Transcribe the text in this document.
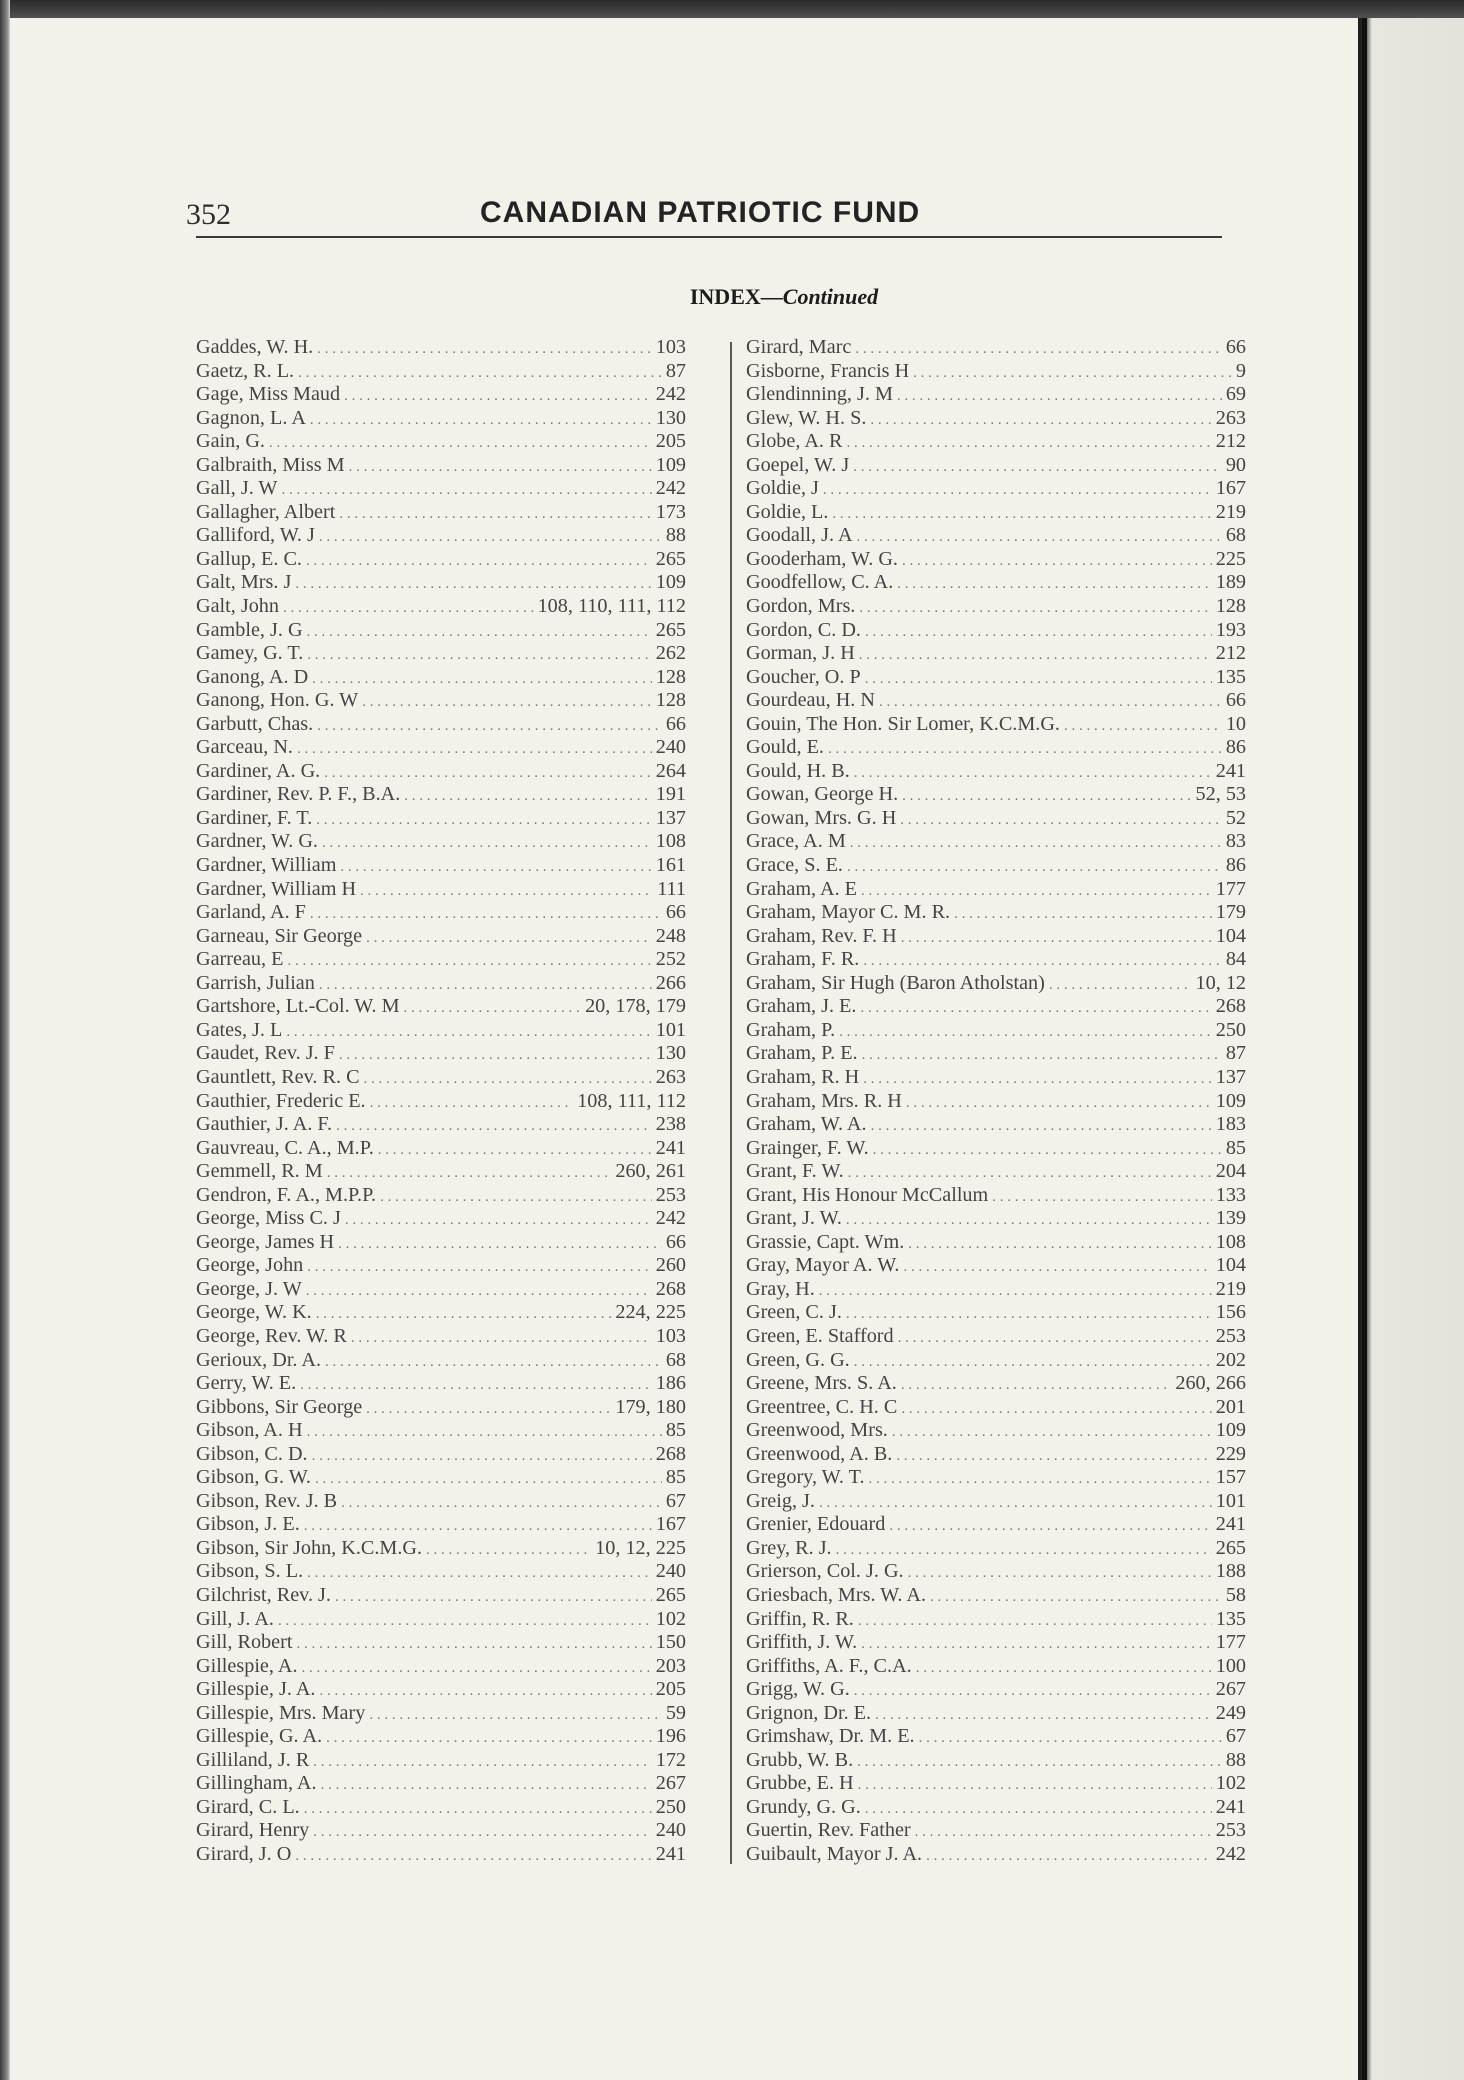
352	CANADIAN PATRIOTIC FUND
INDEX—Continued
Gaddes, W. H. . . .	103
Gaetz, R. L. . . .	87
Gage, Miss Maud . . .	242
Gagnon, L. A . . .	130
Gain, G. . . .	205
Galbraith, Miss M . . .	109
Gall, J. W . . .	242
Gallagher, Albert . . .	173
Galliford, W. J . . .	88
Gallup, E. C. . . .	265
Galt, Mrs. J . . .	109
Galt, John . . .	108, 110, 111, 112
Gamble, J. G . . .	265
Gamey, G. T. . . .	262
Ganong, A. D . . .	128
Ganong, Hon. G. W . . .	128
Garbutt, Chas. . . .	66
Garceau, N. . . .	240
Gardiner, A. G. . . .	264
Gardiner, Rev. P. F., B.A. . . .	191
Gardiner, F. T. . . .	137
Gardner, W. G. . . .	108
Gardner, William . . .	161
Gardner, William H . . .	111
Garland, A. F . . .	66
Garneau, Sir George . . .	248
Garreau, E . . .	252
Garrish, Julian . . .	266
Gartshore, Lt.-Col. W. M . . .	20, 178, 179
Gates, J. L . . .	101
Gaudet, Rev. J. F . . .	130
Gauntlett, Rev. R. C . . .	263
Gauthier, Frederic E. . . .	108, 111, 112
Gauthier, J. A. F. . . .	238
Gauvreau, C. A., M.P. . . .	241
Gemmell, R. M . . .	260, 261
Gendron, F. A., M.P.P. . . .	253
George, Miss C. J . . .	242
George, James H . . .	66
George, John . . .	260
George, J. W . . .	268
George, W. K. . . .	224, 225
George, Rev. W. R . . .	103
Gerioux, Dr. A. . . .	68
Gerry, W. E. . . .	186
Gibbons, Sir George . . .	179, 180
Gibson, A. H . . .	85
Gibson, C. D. . . .	268
Gibson, G. W. . . .	85
Gibson, Rev. J. B . . .	67
Gibson, J. E. . . .	167
Gibson, Sir John, K.C.M.G. . . .	10, 12, 225
Gibson, S. L. . . .	240
Gilchrist, Rev. J. . . .	265
Gill, J. A. . . .	102
Gill, Robert . . .	150
Gillespie, A. . . .	203
Gillespie, J. A. . . .	205
Gillespie, Mrs. Mary . . .	59
Gillespie, G. A. . . .	196
Gilliland, J. R . . .	172
Gillingham, A. . . .	267
Girard, C. L. . . .	250
Girard, Henry . . .	240
Girard, J. O . . .	241
Girard, Marc . . .	66
Gisborne, Francis H . . .	9
Glendinning, J. M . . .	69
Glew, W. H. S. . . .	263
Globe, A. R . . .	212
Goepel, W. J . . .	90
Goldie, J . . .	167
Goldie, L. . . .	219
Goodall, J. A . . .	68
Gooderham, W. G. . . .	225
Goodfellow, C. A. . . .	189
Gordon, Mrs. . . .	128
Gordon, C. D. . . .	193
Gorman, J. H . . .	212
Goucher, O. P . . .	135
Gourdeau, H. N . . .	66
Gouin, The Hon. Sir Lomer, K.C.M.G. . . .	10
Gould, E. . . .	86
Gould, H. B. . . .	241
Gowan, George H. . . .	52, 53
Gowan, Mrs. G. H . . .	52
Grace, A. M . . .	83
Grace, S. E. . . .	86
Graham, A. E . . .	177
Graham, Mayor C. M. R. . . .	179
Graham, Rev. F. H . . .	104
Graham, F. R. . . .	84
Graham, Sir Hugh (Baron Atholstan) . . .	10, 12
Graham, J. E. . . .	268
Graham, P. . . .	250
Graham, P. E. . . .	87
Graham, R. H . . .	137
Graham, Mrs. R. H . . .	109
Graham, W. A. . . .	183
Grainger, F. W. . . .	85
Grant, F. W. . . .	204
Grant, His Honour McCallum . . .	133
Grant, J. W. . . .	139
Grassie, Capt. Wm. . . .	108
Gray, Mayor A. W. . . .	104
Gray, H. . . .	219
Green, C. J. . . .	156
Green, E. Stafford . . .	253
Green, G. G. . . .	202
Greene, Mrs. S. A. . . .	260, 266
Greentree, C. H. C . . .	201
Greenwood, Mrs. . . .	109
Greenwood, A. B. . . .	229
Gregory, W. T. . . .	157
Greig, J. . . .	101
Grenier, Edouard . . .	241
Grey, R. J. . . .	265
Grierson, Col. J. G. . . .	188
Griesbach, Mrs. W. A. . . .	58
Griffin, R. R. . . .	135
Griffith, J. W. . . .	177
Griffiths, A. F., C.A. . . .	100
Grigg, W. G. . . .	267
Grignon, Dr. E. . . .	249
Grimshaw, Dr. M. E. . . .	67
Grubb, W. B. . . .	88
Grubbe, E. H . . .	102
Grundy, G. G. . . .	241
Guertin, Rev. Father . . .	253
Guibault, Mayor J. A. . . .	242
